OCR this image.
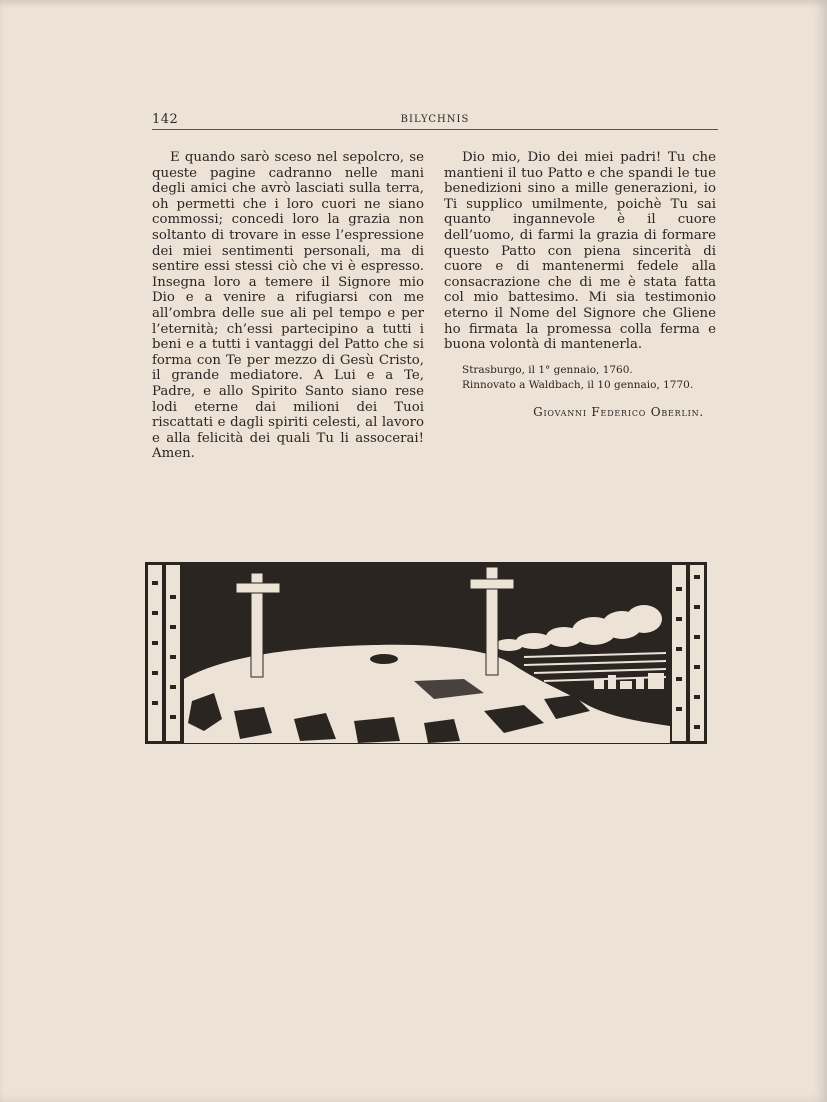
142	BILYCHNIS

E quando sarò sceso nel sepolcro, se queste pagine cadranno nelle mani degli amici che avrò lasciati sulla terra, oh permetti che i loro cuori ne siano commossi; concedi loro la grazia non soltanto di trovare in esse l’espressione dei miei sentimenti personali, ma di sentire essi stessi ciò che vi è espresso. Insegna loro a temere il Signore mio Dio e a venire a rifugiarsi con me all’ombra delle sue ali pel tempo e per l’eternità; ch’essi partecipino a tutti i beni e a tutti i vantaggi del Patto che si forma con Te per mezzo di Gesù Cristo, il grande mediatore. A Lui e a Te, Padre, e allo Spirito Santo siano rese lodi eterne dai milioni dei Tuoi riscattati e dagli spiriti celesti, al lavoro e alla felicità dei quali Tu li assocerai! Amen.

Dio mio, Dio dei miei padri! Tu che mantieni il tuo Patto e che spandi le tue benedizioni sino a mille generazioni, io Ti supplico umilmente, poichè Tu sai quanto ingannevole è il cuore dell’uomo, di farmi la grazia di formare questo Patto con piena sincerità di cuore e di mantenermi fedele alla consacrazione che di me è stata fatta col mio battesimo. Mi sia testimonio eterno il Nome del Signore che Gliene ho firmata la promessa colla ferma e buona volontà di mantenerla.

Strasburgo, il 1° gennaio, 1760.
Rinnovato a Waldbach, il 10 gennaio, 1770.
Giovanni Federico Oberlin.
